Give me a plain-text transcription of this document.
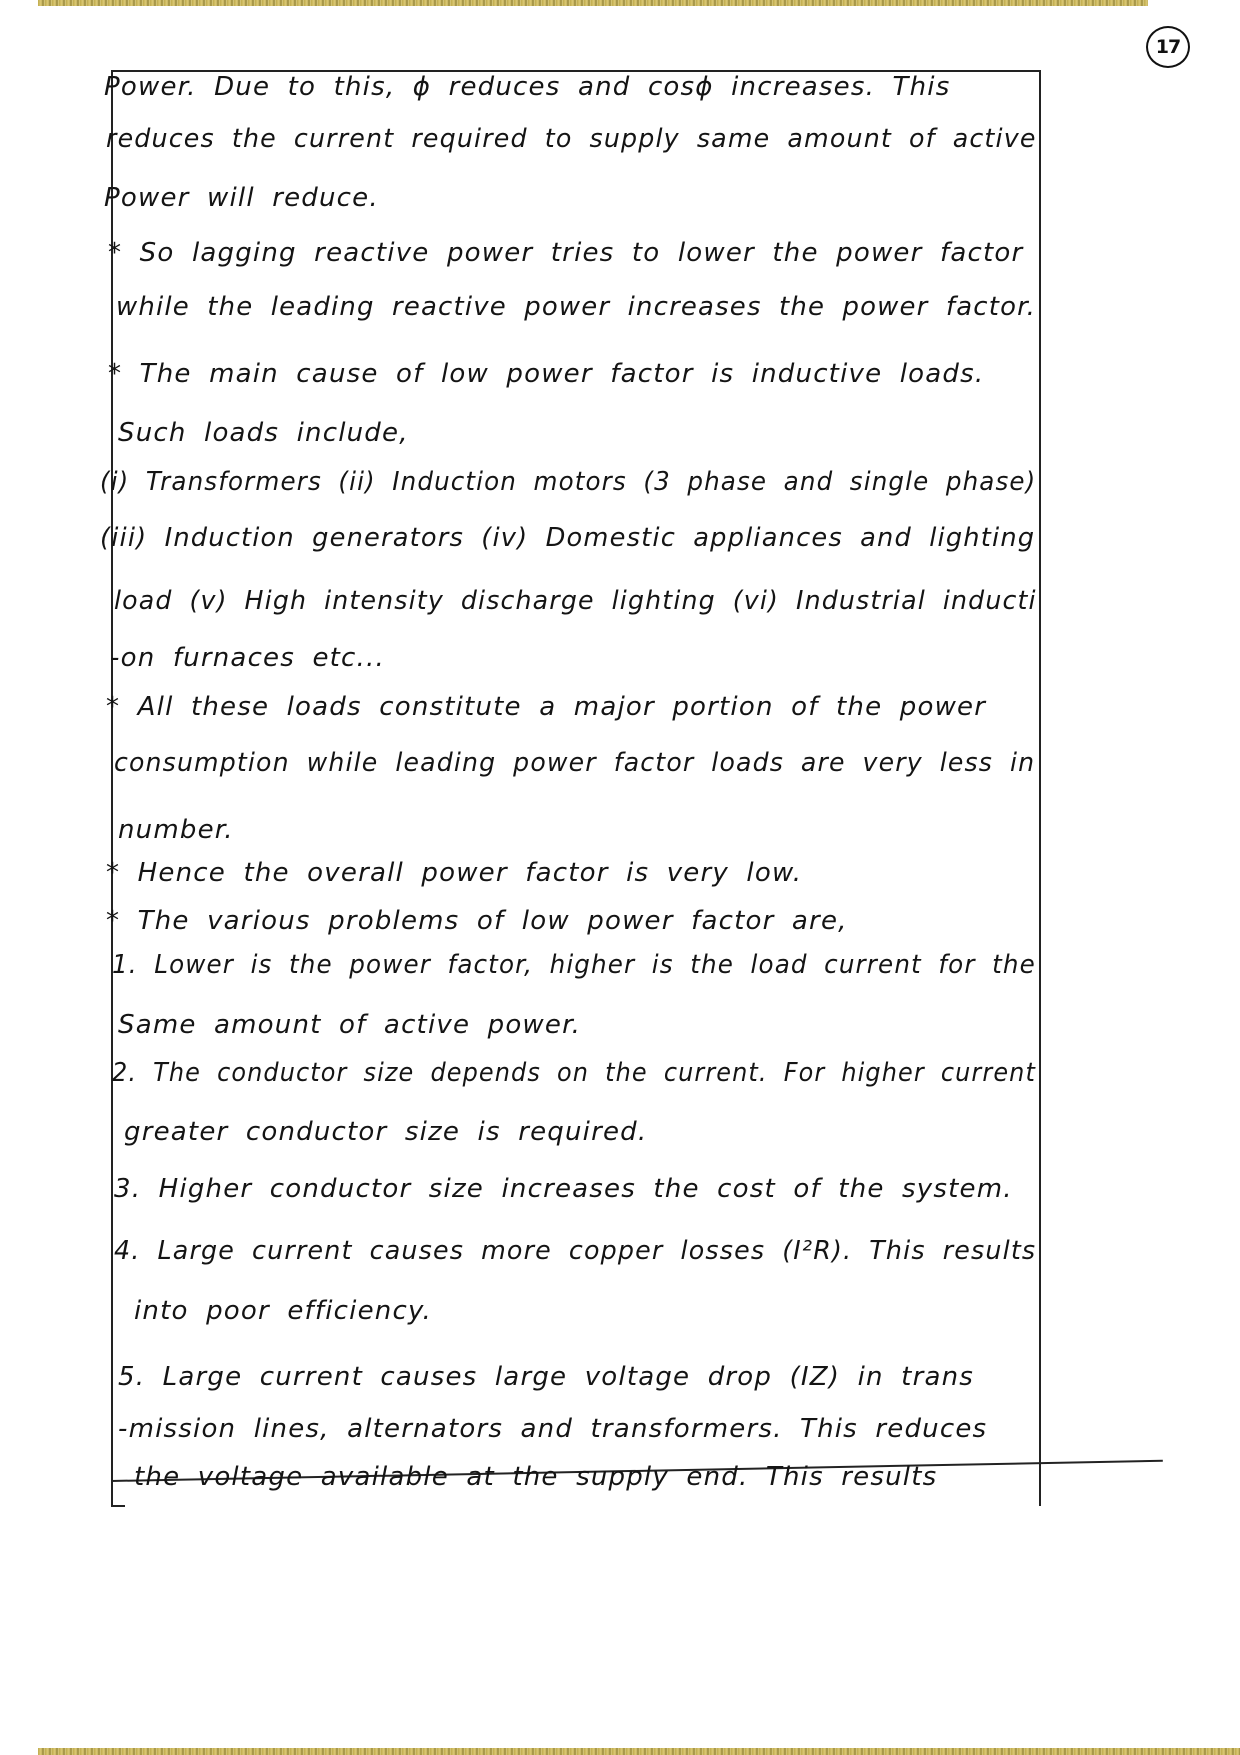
17
Power. Due to this, ϕ reduces and cosϕ increases. This
reduces the current required to supply same amount of active
Power will reduce.
* So lagging reactive power tries to lower the power factor
while the leading reactive power increases the power factor.
* The main cause of low power factor is inductive loads.
Such loads include,
(i) Transformers (ii) Induction motors (3 phase and single phase)
(iii) Induction generators (iv) Domestic appliances and lighting
load (v) High intensity discharge lighting (vi) Industrial inducti
-on furnaces etc...
* All these loads constitute a major portion of the power
consumption while leading power factor loads are very less in
number.
* Hence the overall power factor is very low.
* The various problems of low power factor are,
1. Lower is the power factor, higher is the load current for the
Same amount of active power.
2. The conductor size depends on the current. For higher current
greater conductor size is required.
3. Higher conductor size increases the cost of the system.
4. Large current causes more copper losses (I²R). This results
into poor efficiency.
5. Large current causes large voltage drop (IZ) in trans
-mission lines, alternators and transformers. This reduces
the voltage available at the supply end. This results
